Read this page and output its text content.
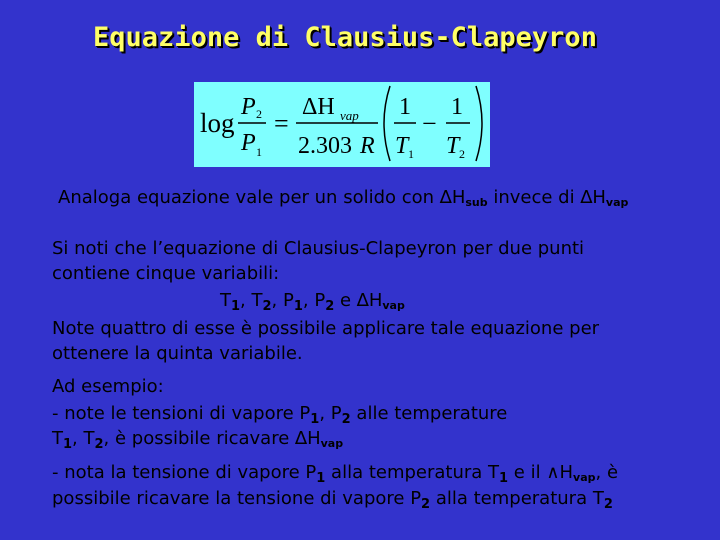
Equazione di Clausius-Clapeyron
log
P 2
P 1
=
ΔH vap
2.303 R
1
T 1
−
1
T 2
Analoga equazione vale per un solido con $\Delta H_{sub}$ invece di $\Delta H_{vap}$
Si noti che l’equazione di Clausius-Clapeyron per due punti
contiene cinque variabili:
$T_1$, $T_2$, $P_1$, $P_2$ e $\Delta H_{vap}$
Note quattro di esse è possibile applicare tale equazione per
ottenere la quinta variabile.
Ad esempio:
- note le tensioni di vapore $P_1$, $P_2$ alle temperature
$T_1$, $T_2$, è possibile ricavare $\Delta H_{vap}$
- nota la tensione di vapore $P_1$ alla temperatura $T_1$ e il $\wedge H_{vap}$, è
possibile ricavare la tensione di vapore $P_2$ alla temperatura $T_2$
